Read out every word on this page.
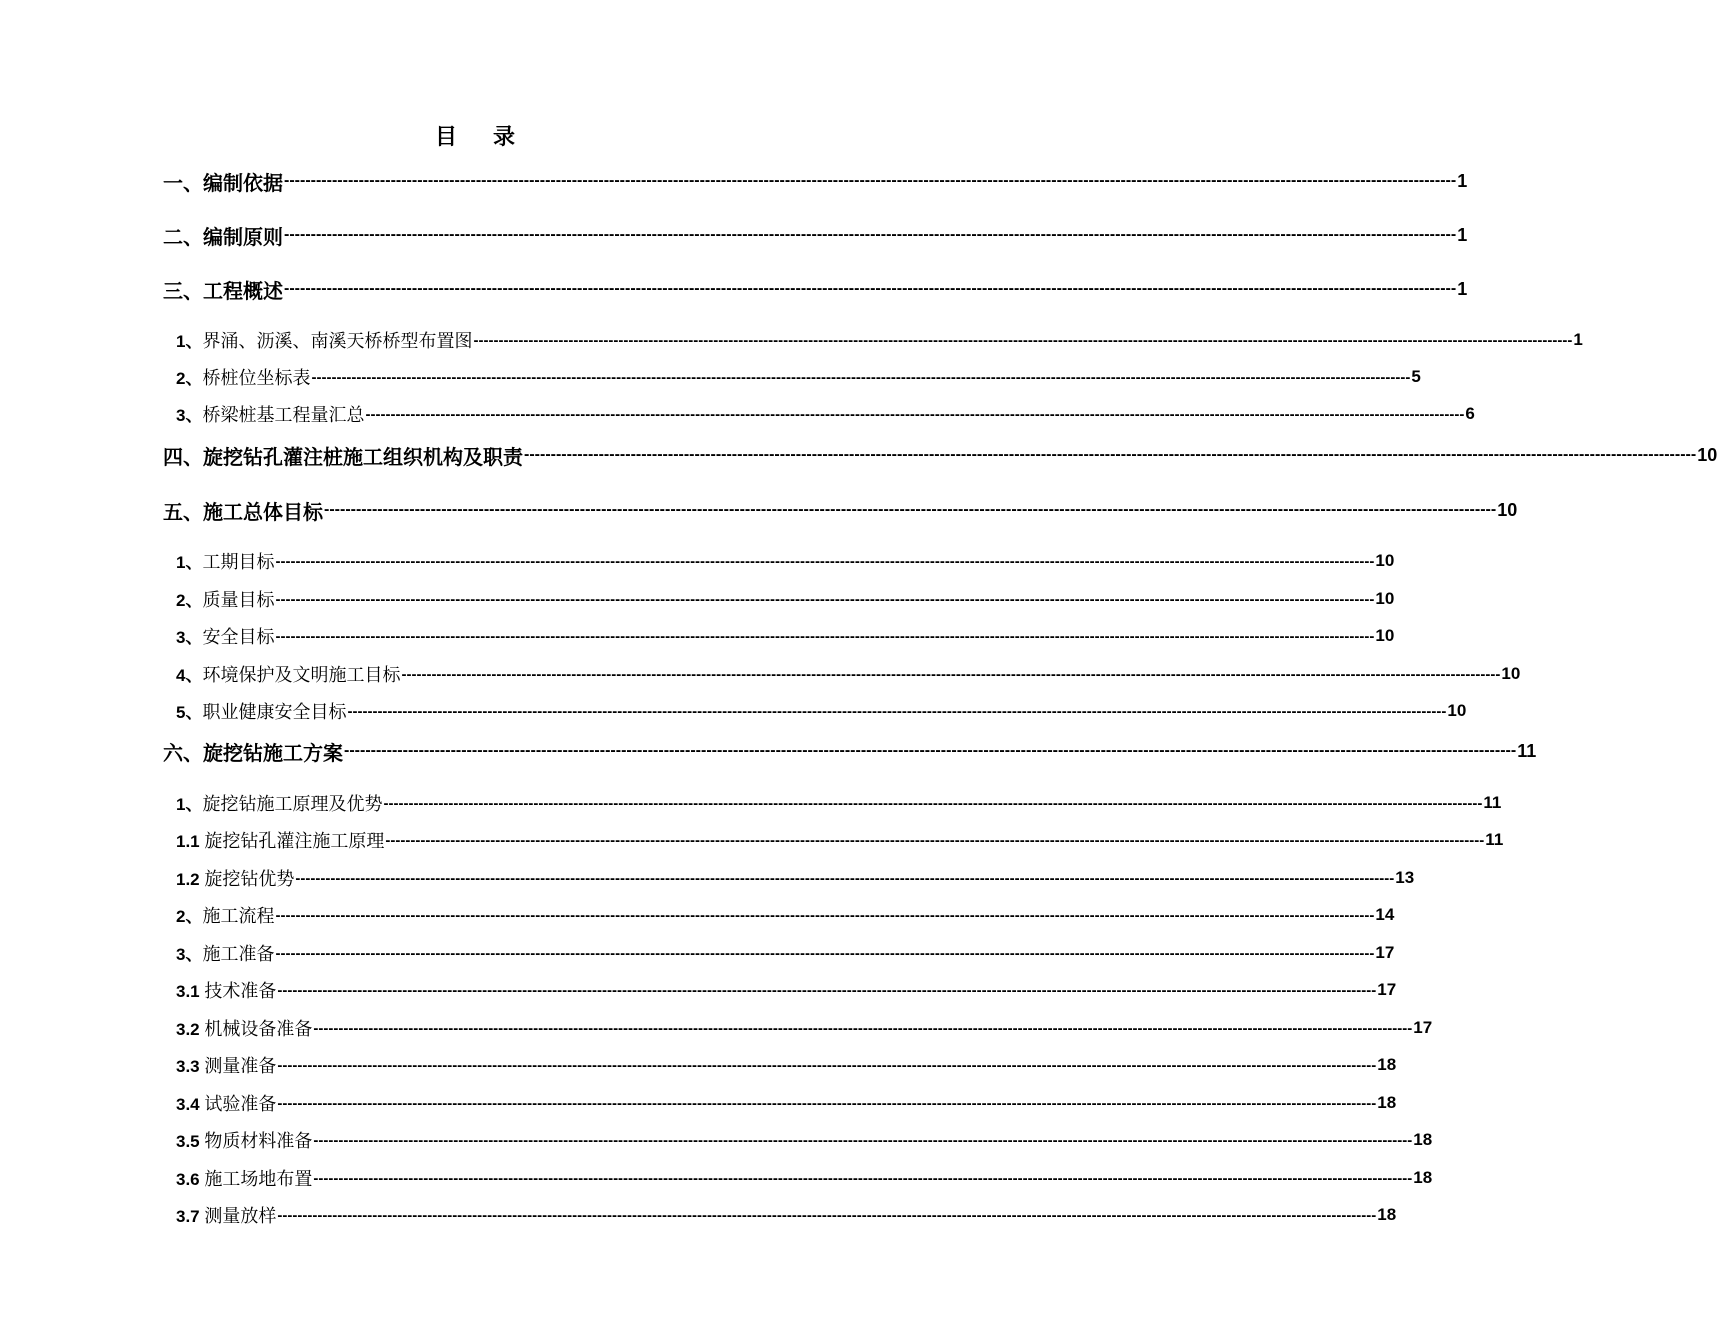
目录
一、编制依据 ---------------------------------------------------------------------------------------------------------------------------------------------------------------------------------------------------------------------------- 1
二、编制原则 ---------------------------------------------------------------------------------------------------------------------------------------------------------------------------------------------------------------------------- 1
三、工程概述 ---------------------------------------------------------------------------------------------------------------------------------------------------------------------------------------------------------------------------- 1
1、界涌、沥溪、南溪天桥桥型布置图 ---------------------------------------------------------------------------------------------------------------------------------------------------------------------------------------------------------------------------- 1
2、桥桩位坐标表 ---------------------------------------------------------------------------------------------------------------------------------------------------------------------------------------------------------------------------- 5
3、桥梁桩基工程量汇总 ---------------------------------------------------------------------------------------------------------------------------------------------------------------------------------------------------------------------------- 6
四、旋挖钻孔灌注桩施工组织机构及职责 ---------------------------------------------------------------------------------------------------------------------------------------------------------------------------------------------------------------------------- 10
五、施工总体目标 ---------------------------------------------------------------------------------------------------------------------------------------------------------------------------------------------------------------------------- 10
1、工期目标 ---------------------------------------------------------------------------------------------------------------------------------------------------------------------------------------------------------------------------- 10
2、质量目标 ---------------------------------------------------------------------------------------------------------------------------------------------------------------------------------------------------------------------------- 10
3、安全目标 ---------------------------------------------------------------------------------------------------------------------------------------------------------------------------------------------------------------------------- 10
4、环境保护及文明施工目标 ---------------------------------------------------------------------------------------------------------------------------------------------------------------------------------------------------------------------------- 10
5、职业健康安全目标 ---------------------------------------------------------------------------------------------------------------------------------------------------------------------------------------------------------------------------- 10
六、旋挖钻施工方案 ---------------------------------------------------------------------------------------------------------------------------------------------------------------------------------------------------------------------------- 11
1、旋挖钻施工原理及优势 ---------------------------------------------------------------------------------------------------------------------------------------------------------------------------------------------------------------------------- 11
1.1 旋挖钻孔灌注施工原理 ---------------------------------------------------------------------------------------------------------------------------------------------------------------------------------------------------------------------------- 11
1.2 旋挖钻优势 ---------------------------------------------------------------------------------------------------------------------------------------------------------------------------------------------------------------------------- 13
2、施工流程 ---------------------------------------------------------------------------------------------------------------------------------------------------------------------------------------------------------------------------- 14
3、施工准备 ---------------------------------------------------------------------------------------------------------------------------------------------------------------------------------------------------------------------------- 17
3.1 技术准备 ---------------------------------------------------------------------------------------------------------------------------------------------------------------------------------------------------------------------------- 17
3.2 机械设备准备 ---------------------------------------------------------------------------------------------------------------------------------------------------------------------------------------------------------------------------- 17
3.3 测量准备 ---------------------------------------------------------------------------------------------------------------------------------------------------------------------------------------------------------------------------- 18
3.4 试验准备 ---------------------------------------------------------------------------------------------------------------------------------------------------------------------------------------------------------------------------- 18
3.5 物质材料准备 ---------------------------------------------------------------------------------------------------------------------------------------------------------------------------------------------------------------------------- 18
3.6 施工场地布置 ---------------------------------------------------------------------------------------------------------------------------------------------------------------------------------------------------------------------------- 18
3.7 测量放样 ---------------------------------------------------------------------------------------------------------------------------------------------------------------------------------------------------------------------------- 18
